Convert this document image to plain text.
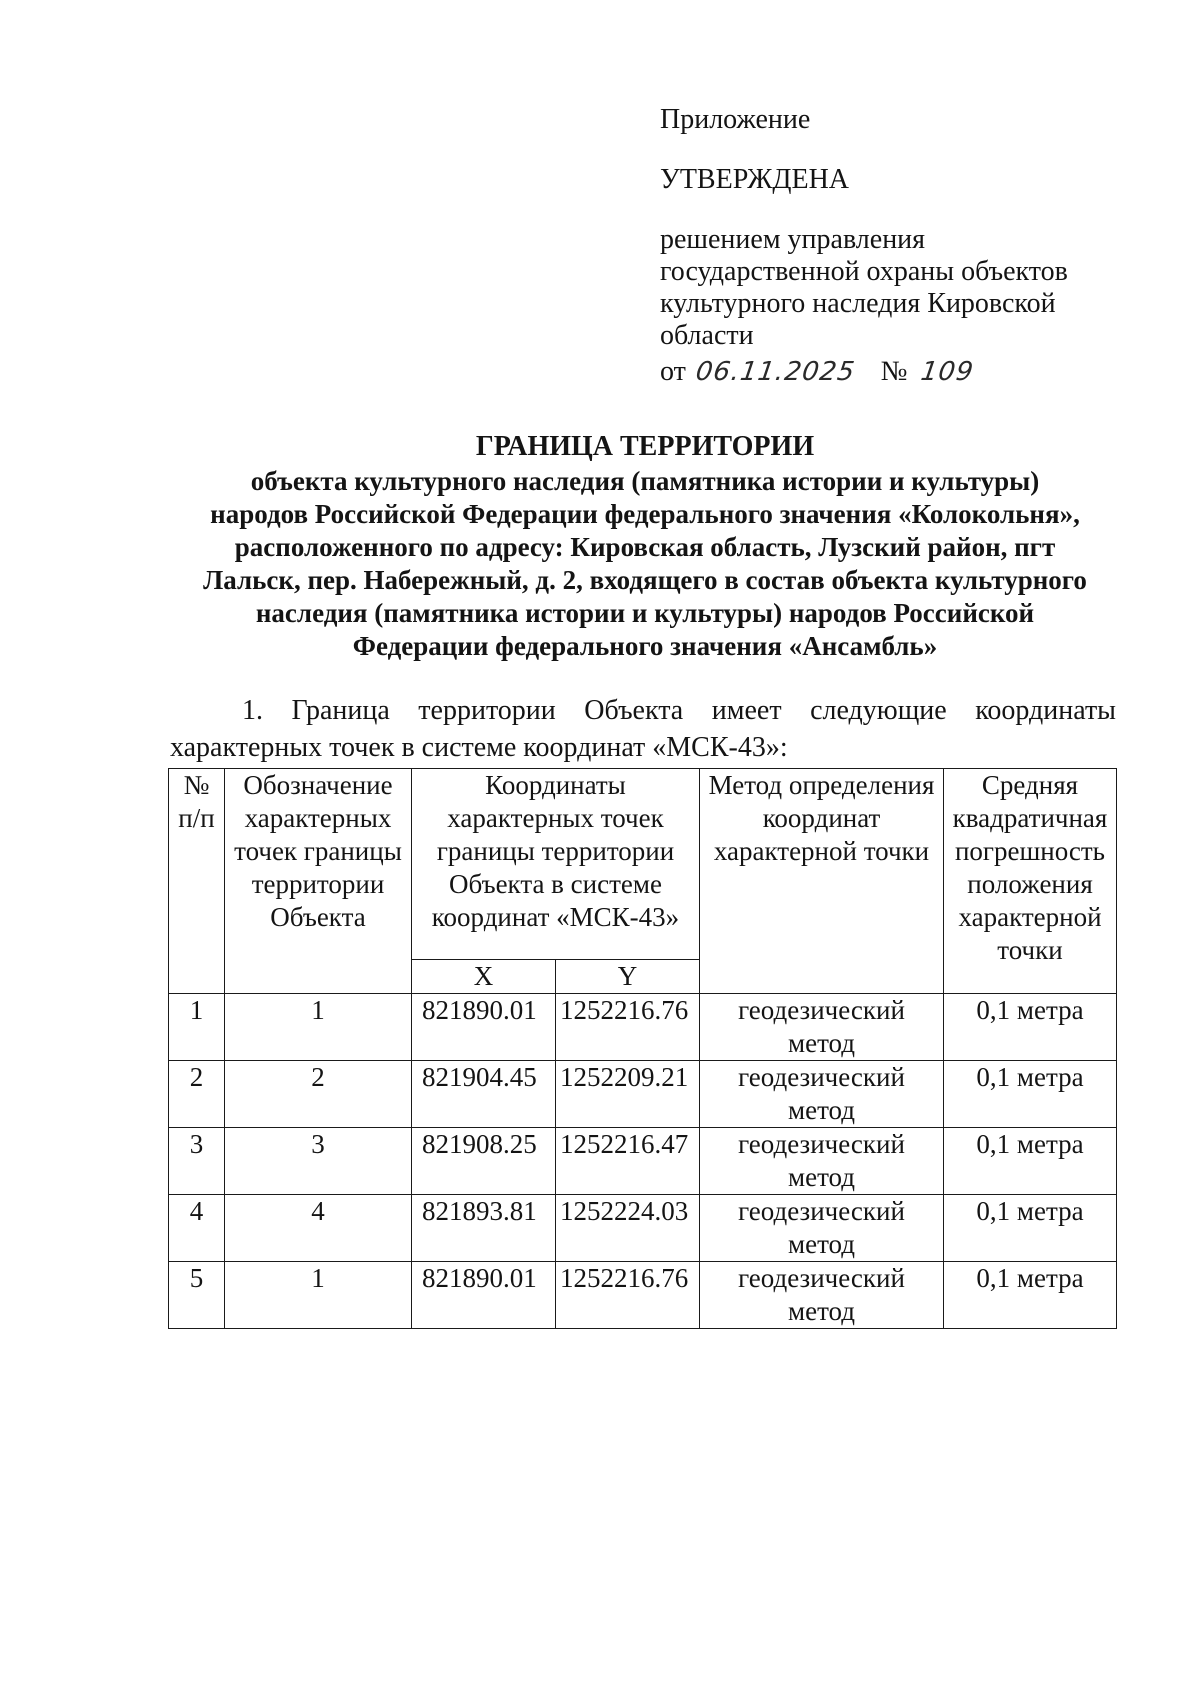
Приложение
УТВЕРЖДЕНА
решением управления
государственной охраны объектов
культурного наследия Кировской
области
от 06.11.2025 № 109
ГРАНИЦА ТЕРРИТОРИИ
объекта культурного наследия (памятника истории и культуры)
народов Российской Федерации федерального значения «Колокольня»,
расположенного по адресу: Кировская область, Лузский район, пгт
Лальск, пер. Набережный, д. 2, входящего в состав объекта культурного
наследия (памятника истории и культуры) народов Российской
Федерации федерального значения «Ансамбль»
1. Граница территории Объекта имеет следующие координаты
характерных точек в системе координат «МСК-43»:
№ п/п	Обозначение характерных точек границы территории Объекта	Координаты характерных точек границы территории Объекта в системе координат «МСК-43»		Метод определения координат характерной точки	Средняя квадратичная погрешность положения характерной точки
		X	Y		
1	1	821890.01	1252216.76	геодезический метод	0,1 метра
2	2	821904.45	1252209.21	геодезический метод	0,1 метра
3	3	821908.25	1252216.47	геодезический метод	0,1 метра
4	4	821893.81	1252224.03	геодезический метод	0,1 метра
5	1	821890.01	1252216.76	геодезический метод	0,1 метра
